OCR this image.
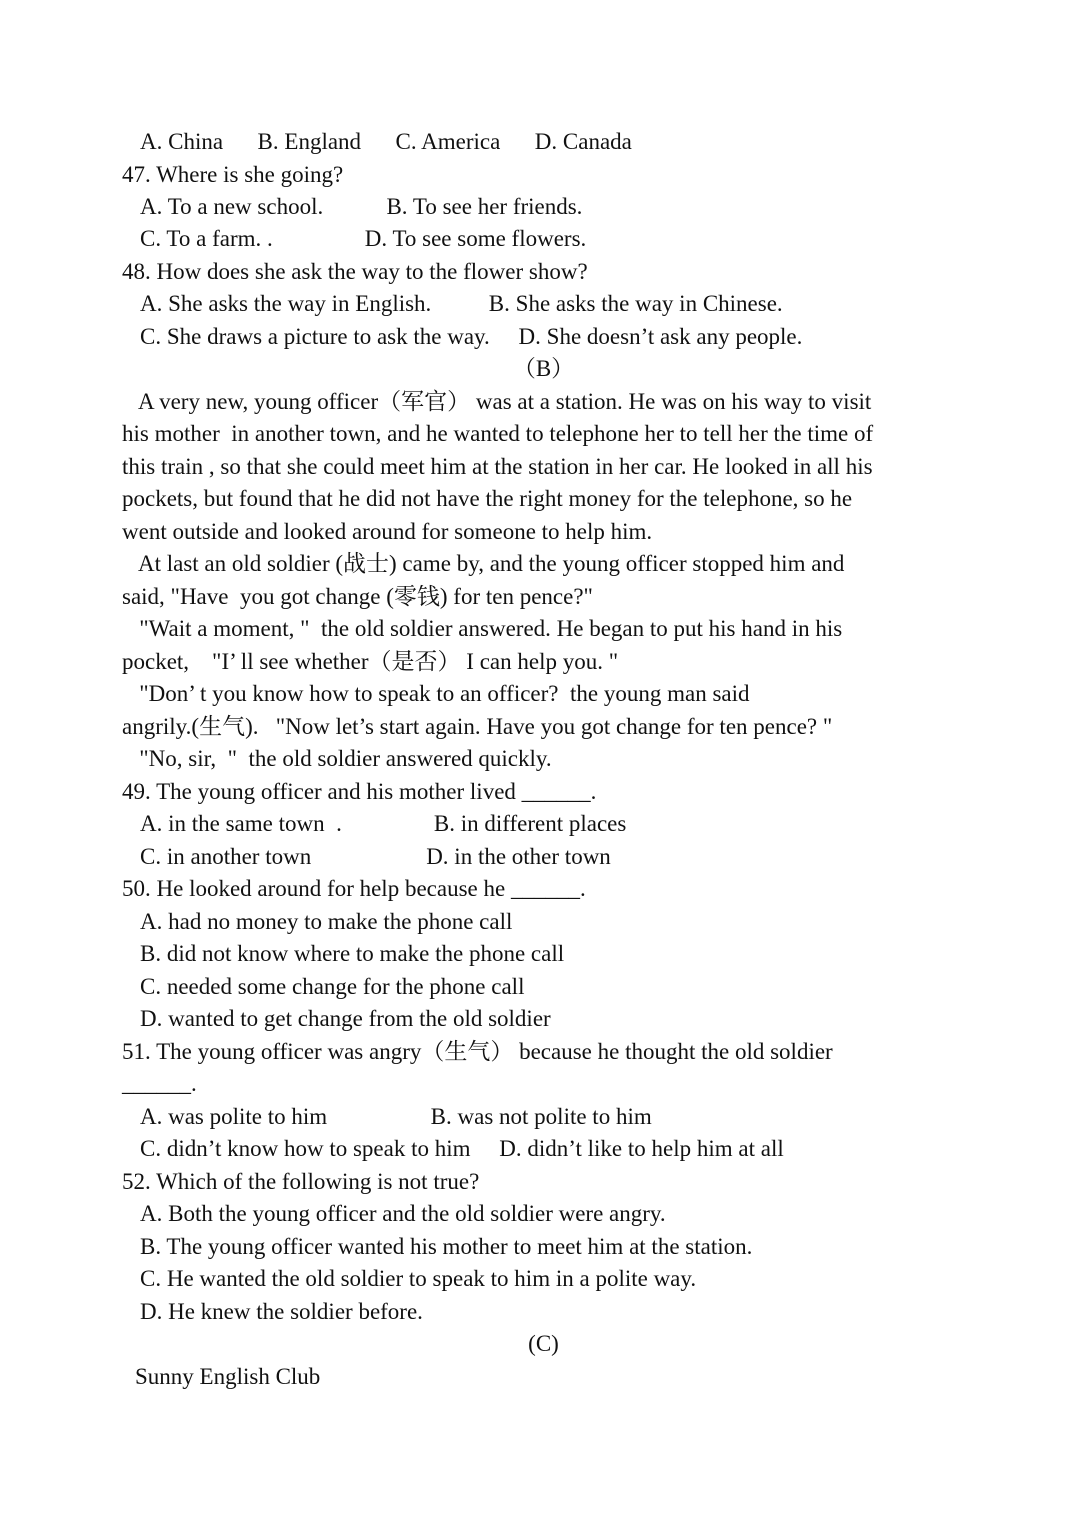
A. China      B. England      C. America      D. Canada
47. Where is she going?
A. To a new school.           B. To see her friends.
C. To a farm. .                D. To see some flowers.
48. How does she ask the way to the flower show?
A. She asks the way in English.          B. She asks the way in Chinese.
C. She draws a picture to ask the way.     D. She doesn’t ask any people.
（B）
A very new, young officer（军官） was at a station. He was on his way to visit
his mother  in another town, and he wanted to telephone her to tell her the time of
this train , so that she could meet him at the station in her car. He looked in all his
pockets, but found that he did not have the right money for the telephone, so he
went outside and looked around for someone to help him.
At last an old soldier (战士) came by, and the young officer stopped him and
said, "Have  you got change (零钱) for ten pence?"
"Wait a moment, "  the old soldier answered. He began to put his hand in his
pocket,    "I’ ll see whether（是否） I can help you. "
"Don’ t you know how to speak to an officer?  the young man said
angrily.(生气).   "Now let’s start again. Have you got change for ten pence? "
"No, sir,  "  the old soldier answered quickly.
49. The young officer and his mother lived ______.
A. in the same town  .                B. in different places
C. in another town                    D. in the other town
50. He looked around for help because he ______.
A. had no money to make the phone call
B. did not know where to make the phone call
C. needed some change for the phone call
D. wanted to get change from the old soldier
51. The young officer was angry（生气） because he thought the old soldier
______.
A. was polite to him                  B. was not polite to him
C. didn’t know how to speak to him     D. didn’t like to help him at all
52. Which of the following is not true?
A. Both the young officer and the old soldier were angry.
B. The young officer wanted his mother to meet him at the station.
C. He wanted the old soldier to speak to him in a polite way.
D. He knew the soldier before.
(C)
Sunny English Club
